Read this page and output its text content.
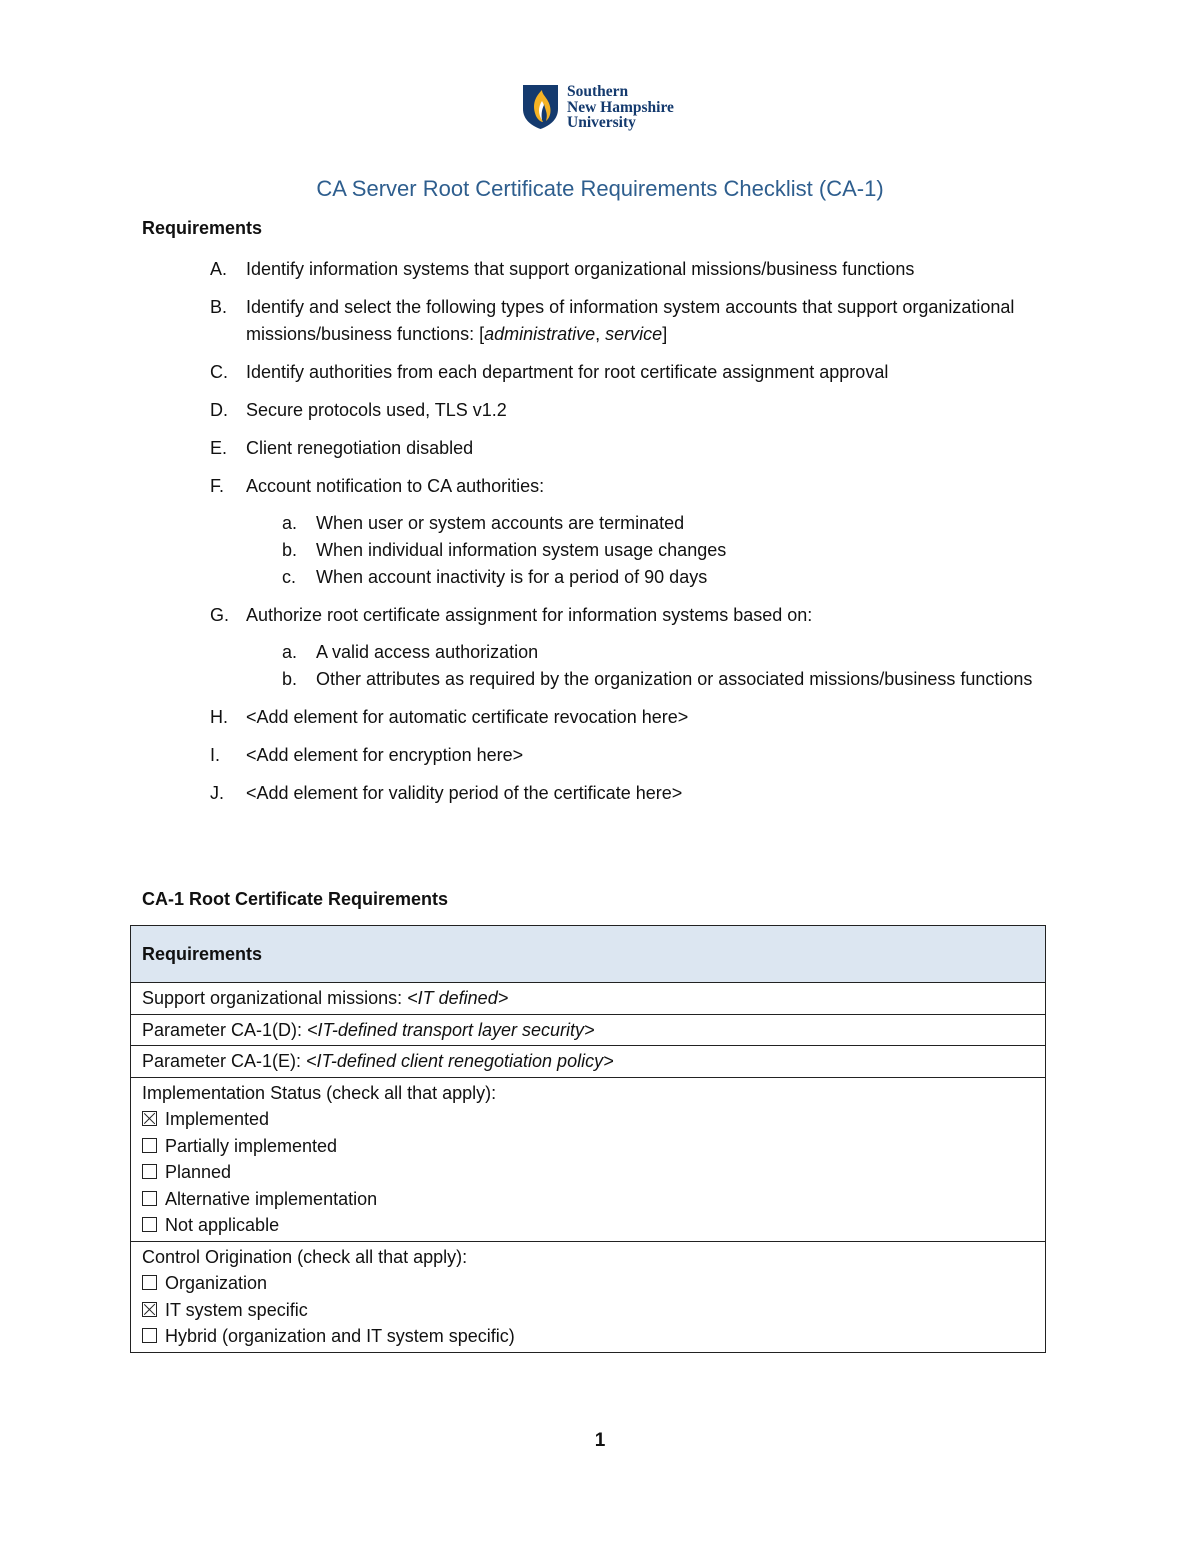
Southern
New Hampshire
University
CA Server Root Certificate Requirements Checklist (CA-1)
Requirements
A. Identify information systems that support organizational missions/business functions
B. Identify and select the following types of information system accounts that support organizational missions/business functions: [administrative, service]
C. Identify authorities from each department for root certificate assignment approval
D. Secure protocols used, TLS v1.2
E. Client renegotiation disabled
F. Account notification to CA authorities:
a. When user or system accounts are terminated
b. When individual information system usage changes
c. When account inactivity is for a period of 90 days
G. Authorize root certificate assignment for information systems based on:
a. A valid access authorization
b. Other attributes as required by the organization or associated missions/business functions
H. <Add element for automatic certificate revocation here>
I. <Add element for encryption here>
J. <Add element for validity period of the certificate here>
CA-1 Root Certificate Requirements
Requirements
Support organizational missions: <IT defined>
Parameter CA-1(D): <IT-defined transport layer security>
Parameter CA-1(E): <IT-defined client renegotiation policy>

Implementation Status (check all that apply):
Implemented
Partially implemented
Planned
Alternative implementation
Not applicable

Control Origination (check all that apply):
Organization
IT system specific
Hybrid (organization and IT system specific)
1
